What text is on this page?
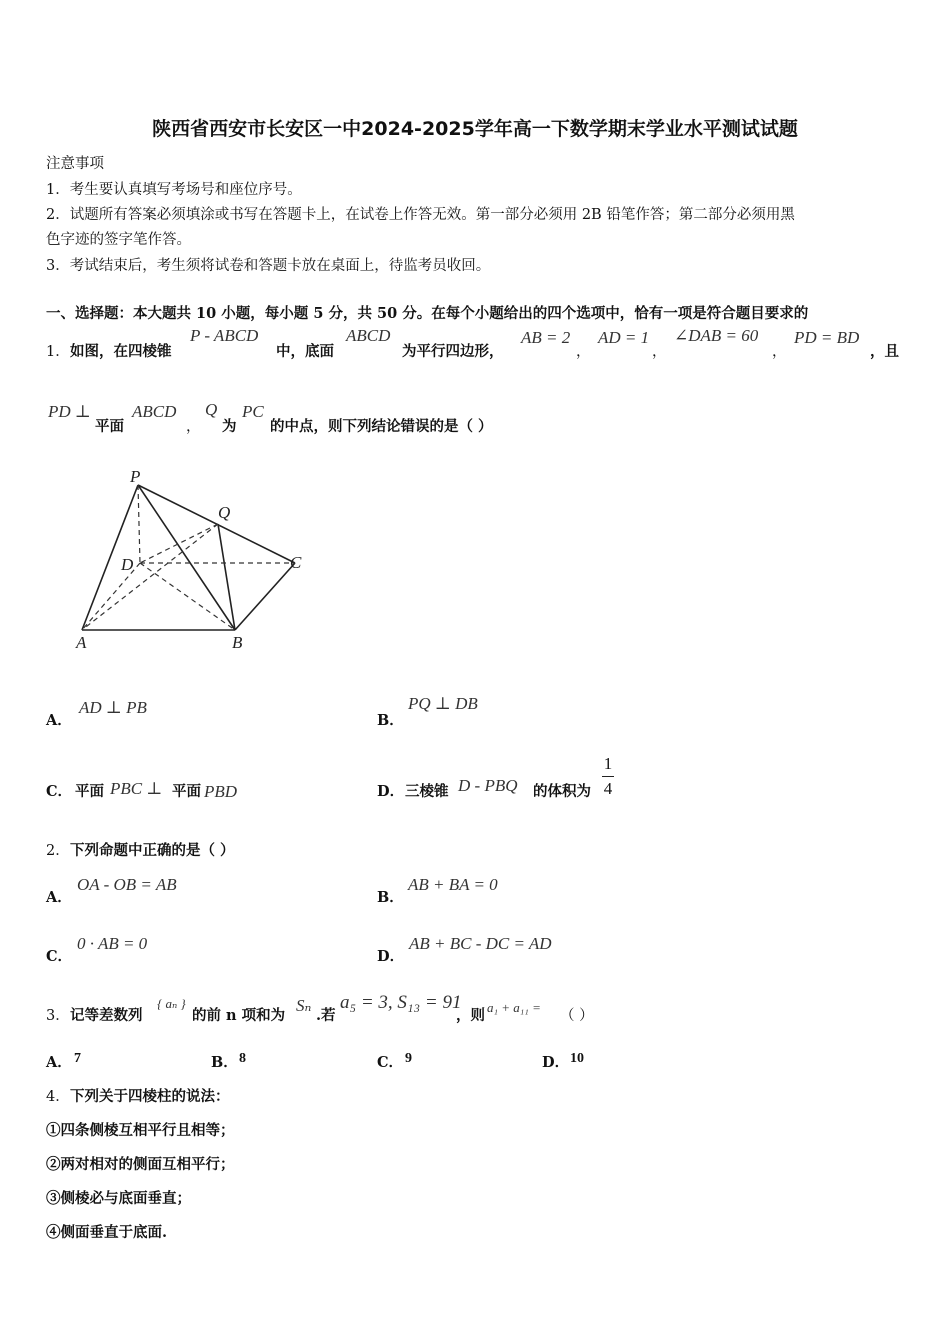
陕西省西安市长安区一中2024-2025学年高一下数学期末学业水平测试试题
注意事项
1．考生要认真填写考场号和座位序号。
2．试题所有答案必须填涂或书写在答题卡上，在试卷上作答无效。第一部分必须用 2B 铅笔作答；第二部分必须用黑
色字迹的签字笔作答。
3．考试结束后，考生须将试卷和答题卡放在桌面上，待监考员收回。
一、选择题：本大题共 10 小题，每小题 5 分，共 50 分。在每个小题给出的四个选项中，恰有一项是符合题目要求的
1． 如图，在四棱锥
P - ABCD
中，底面
ABCD
为平行四边形，
AB = 2
，
AD = 1
，
∠DAB = 60
，
PD = BD
，且
PD ⊥
平面
ABCD
，
Q
为
PC
的中点，则下列结论错误的是（ ）
P
Q
D	C
A	B
A．
AD ⊥ PB
B．
PQ ⊥ DB
C． 平面 PBC ⊥ 平面 PBD	D． 三棱锥 D - PBQ 的体积为
1
4
2． 下列命题中正确的是（ ）
A．
OA - OB = AB
B．
AB + BA = 0
C．
0 · AB = 0
D．
AB + BC - DC = AD
3． 记等差数列
{ aₙ }
的前 n 项和为
Sₙ
.若
a₅ = 3, S₁₃ = 91
，则 a₁ + a₁₁ =
（ ）
A． 7	B． 8	C． 9	D． 10
4． 下列关于四棱柱的说法：
①四条侧棱互相平行且相等；
②两对相对的侧面互相平行；
③侧棱必与底面垂直；
④侧面垂直于底面.
